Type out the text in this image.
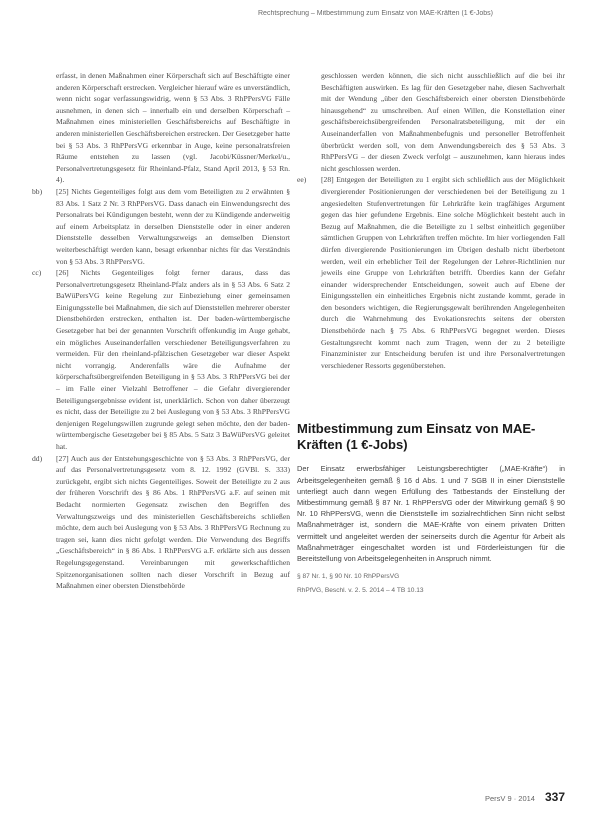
Rechtsprechung – Mitbestimmung zum Einsatz von MAE-Kräften (1 €-Jobs)

erfasst, in denen Maßnahmen einer Körperschaft sich auf Beschäftigte einer anderen Körperschaft erstrecken. Vergleicher hierauf wäre es unverständlich, wenn nicht sogar verfassungswidrig, wenn § 53 Abs. 3 RhPPersVG Fälle ausnehmen, in denen sich – innerhalb ein und derselben Körperschaft – Maßnahmen eines ministeriellen Geschäftsbereichs auf Beschäftigte in anderen ministeriellen Geschäftsbereichen erstrecken. Der Gesetzgeber hatte bei § 53 Abs. 3 RhPPersVG erkennbar in Auge, keine personalratsfreien Räume entstehen zu lassen (vgl. Jacobi/Küssner/Merkel/u., Personalvertretungsgesetz für Rheinland-Pfalz, Stand April 2013, § 53 Rn. 4).

bb)	[25] Nichts Gegenteiliges folgt aus dem vom Beteiligten zu 2 erwähnten § 83 Abs. 1 Satz 2 Nr. 3 RhPPersVG. Dass danach ein Einwendungsrecht des Personalrats bei Kündigungen besteht, wenn der zu Kündigende anderweitig auf einem Arbeitsplatz in derselben Dienststelle oder in einer anderen Dienststelle desselben Verwaltungszweigs an demselben Dienstort weiterbeschäftigt werden kann, besagt erkennbar nichts für das Verständnis von § 53 Abs. 3 RhPPersVG.
cc)	[26] Nichts Gegenteiliges folgt ferner daraus, dass das Personalvertretungsgesetz Rheinland-Pfalz anders als in § 53 Abs. 6 Satz 2 BaWüPersVG keine Regelung zur Einbeziehung einer gemeinsamen Einigungsstelle bei Maßnahmen, die sich auf Dienststellen mehrerer oberster Dienstbehörden erstrecken, enthalten ist. Der baden-württembergische Gesetzgeber hat bei der genannten Vorschrift offenkundig im Auge gehabt, ein mögliches Auseinanderfallen verschiedener Beteiligungsverfahren zu vermeiden. Für den rheinland-pfälzischen Gesetzgeber war dieser Aspekt nicht vorrangig. Anderenfalls wäre die Aufnahme der körperschaftsübergreifenden Beteiligung in § 53 Abs. 3 RhPPersVG bei der – im Falle einer Vielzahl Betroffener – die Gefahr divergierender Beteiligungsergebnisse evident ist, unerklärlich. Schon von daher überzeugt es nicht, dass der Beteiligte zu 2 bei Auslegung von § 53 Abs. 3 RhPPersVG denjenigen Regelungswillen zugrunde gelegt sehen möchte, den der baden-württembergische Gesetzgeber bei § 85 Abs. 5 Satz 3 BaWüPersVG geleitet hat.
dd)	[27] Auch aus der Entstehungsgeschichte von § 53 Abs. 3 RhPPersVG, der auf das Personalvertretungsgesetz vom 8. 12. 1992 (GVBl. S. 333) zurückgeht, ergibt sich nichts Gegenteiliges. Soweit der Beteiligte zu 2 aus der früheren Vorschrift des § 86 Abs. 1 RhPPersVG a.F. auf seinen mit Bedacht normierten Gegensatz zwischen den Begriffen des Verwaltungszweigs und des ministeriellen Geschäftsbereichs schließen möchte, dem auch bei Auslegung von § 53 Abs. 3 RhPPersVG Rechnung zu tragen sei, kann dies nicht gefolgt werden. Die Verwendung des Begriffs „Geschäftsbereich“ in § 86 Abs. 1 RhPPersVG a.F. erklärte sich aus dessen Regelungsgegenstand. Vereinbarungen mit gewerkschaftlichen Spitzenorganisationen sollten nach dieser Vorschrift in Bezug auf Maßnahmen einer obersten Dienstbehörde

geschlossen werden können, die sich nicht ausschließlich auf die bei ihr Beschäftigten auswirken. Es lag für den Gesetzgeber nahe, diesen Sachverhalt mit der Wendung „über den Geschäftsbereich einer obersten Dienstbehörde hinausgehend“ zu umschreiben. Auf einen Willen, die Konstellation einer geschäftsbereichsübergreifenden Personalratsbeteiligung, mit der ein Auseinanderfallen von Maßnahmenbefugnis und personeller Betroffenheit überbrückt werden soll, von dem Anwendungsbereich des § 53 Abs. 3 RhPPersVG – der diesen Zweck verfolgt – auszunehmen, kann hieraus indes nicht geschlossen werden.

ee)	[28] Entgegen der Beteiligten zu 1 ergibt sich schließlich aus der Möglichkeit divergierender Positionierungen der verschiedenen bei der Beteiligung zu 1 angesiedelten Stufenvertretungen für Lehrkräfte kein tragfähiges Argument gegen das hier gefundene Ergebnis. Eine solche Möglichkeit besteht auch in Bezug auf Maßnahmen, die die Beteiligte zu 1 selbst einheitlich gegenüber sämtlichen Gruppen von Lehrkräften treffen möchte. Im hier vorliegenden Fall dürfen divergierende Positionierungen im Übrigen deshalb nicht überbetont werden, weil ein erheblicher Teil der Regelungen der Lehrer-Richtlinien nur jeweils eine Gruppe von Lehrkräften betrifft. Überdies kann der Gefahr einander widersprechender Entscheidungen, soweit auch auf Ebene der Einigungsstellen ein einheitliches Ergebnis nicht zustande kommt, gerade in den besonders wichtigen, die Regierungsgewalt berührenden Angelegenheiten durch die Wahrnehmung des Evokationsrechts seitens der obersten Dienstbehörde nach § 75 Abs. 6 RhPPersVG begegnet werden. Dieses Gestaltungsrecht kommt nach zum Tragen, wenn der zu 2 beteiligte Finanzminister zur Entscheidung berufen ist und ihre Personalvertretungen verschiedener Ressorts gegenüberstehen.
Mitbestimmung zum Einsatz von MAE-Kräften (1 €-Jobs)

Der Einsatz erwerbsfähiger Leistungsberechtigter („MAE-Kräfte“) in Arbeitsgelegenheiten gemäß § 16 d Abs. 1 und 7 SGB II in einer Dienststelle unterliegt auch dann wegen Erfüllung des Tatbestands der Einstellung der Mitbestimmung gemäß § 87 Nr. 1 RhPPersVG oder der Mitwirkung gemäß § 90 Nr. 10 RhPPersVG, wenn die Dienststelle im sozialrechtlichen Sinn nicht selbst Maßnahmeträger ist, sondern die MAE-Kräfte von einem privaten Dritten vermittelt und angeleitet werden der seinerseits durch die Agentur für Arbeit als Maßnahmeträger eingeschaltet worden ist und Förderleistungen für die Bereitstellung von Arbeitsgelegenheiten in Anspruch nimmt.

§ 87 Nr. 1, § 90 Nr. 10 RhPPersVG

RhPfVG, Beschl. v. 2. 5. 2014 – 4 TB 10.13

PersV 9 · 2014 337
